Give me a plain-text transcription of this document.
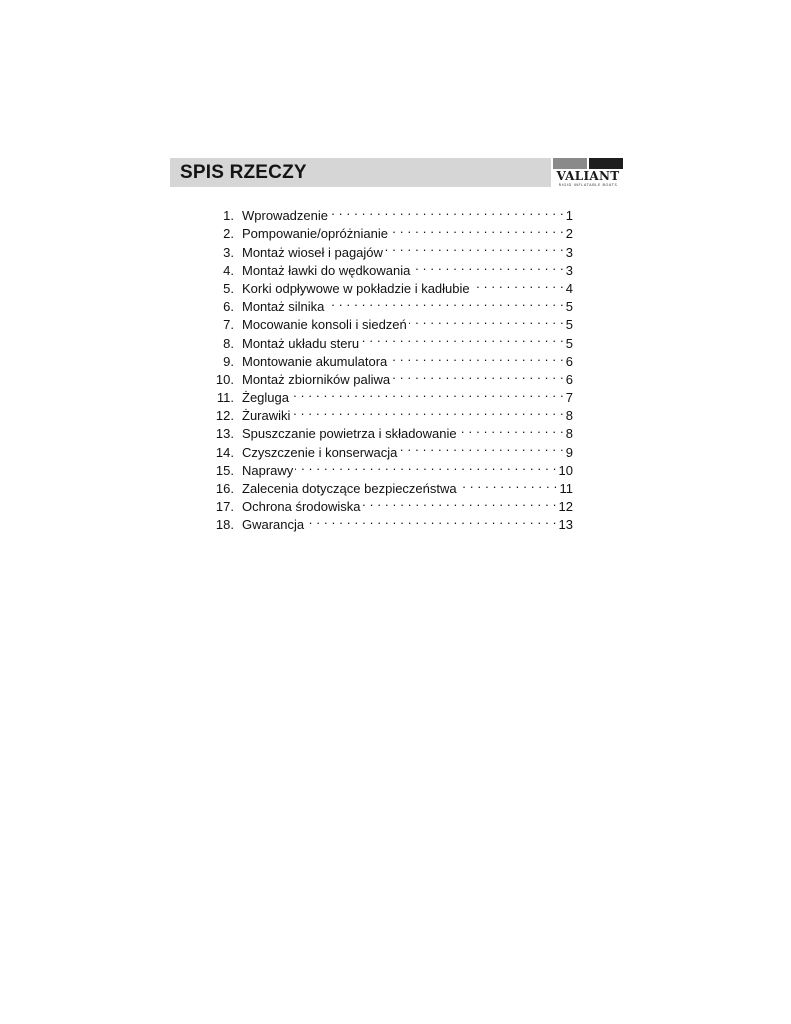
SPIS RZECZY	VALIANT
RIGID INFLATABLE BOATS
1. Wprowadzenie . . .	1
2. Pompowanie/opróżnianie . . .	2
3. Montaż wioseł i pagajów . . .	3
4. Montaż ławki do wędkowania . . .	3
5. Korki odpływowe w pokładzie i kadłubie . . .	4
6. Montaż silnika . . .	5
7. Mocowanie konsoli i siedzeń . . .	5
8. Montaż układu steru . . .	5
9. Montowanie akumulatora . . .	6
10. Montaż zbiorników paliwa . . .	6
11. Żegluga . . .	7
12. Żurawiki . . .	8
13. Spuszczanie powietrza i składowanie . . .	8
14. Czyszczenie i konserwacja . . .	9
15. Naprawy . . .	10
16. Zalecenia dotyczące bezpieczeństwa . . .	11
17. Ochrona środowiska . . .	12
18. Gwarancja . . .	13
